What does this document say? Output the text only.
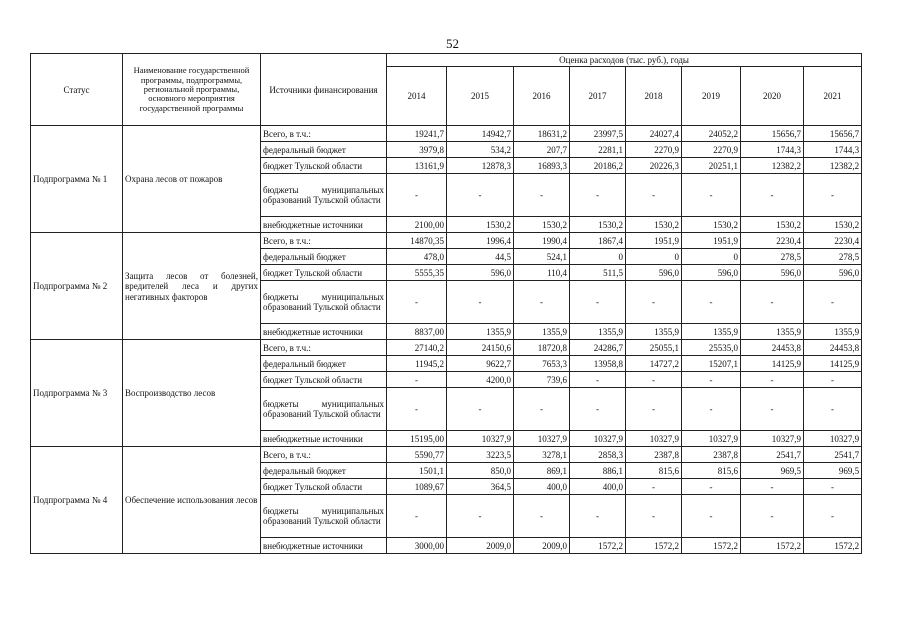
52
Статус	Наименование государственной программы, подпрограммы, региональной программы, основного мероприятия государственной программы	Источники финансирования	Оценка расходов (тыс. руб.), годы							
			2014	2015	2016	2017	2018	2019	2020	2021
Подпрограмма № 1	Охрана лесов от пожаров	Всего, в т.ч.:	19241,7	14942,7	18631,2	23997,5	24027,4	24052,2	15656,7	15656,7
		федеральный бюджет	3979,8	534,2	207,7	2281,1	2270,9	2270,9	1744,3	1744,3
		бюджет Тульской области	13161,9	12878,3	16893,3	20186,2	20226,3	20251,1	12382,2	12382,2
		бюджеты муниципальных образований Тульской области	-	-	-	-	-	-	-	-
		внебюджетные источники	2100,00	1530,2	1530,2	1530,2	1530,2	1530,2	1530,2	1530,2
Подпрограмма № 2	Защита лесов от болезней, вредителей леса и других негативных факторов	Всего, в т.ч.:	14870,35	1996,4	1990,4	1867,4	1951,9	1951,9	2230,4	2230,4
		федеральный бюджет	478,0	44,5	524,1	0	0	0	278,5	278,5
		бюджет Тульской области	5555,35	596,0	110,4	511,5	596,0	596,0	596,0	596,0
		бюджеты муниципальных образований Тульской области	-	-	-	-	-	-	-	-
		внебюджетные источники	8837,00	1355,9	1355,9	1355,9	1355,9	1355,9	1355,9	1355,9
Подпрограмма № 3	Воспроизводство лесов	Всего, в т.ч.:	27140,2	24150,6	18720,8	24286,7	25055,1	25535,0	24453,8	24453,8
		федеральный бюджет	11945,2	9622,7	7653,3	13958,8	14727,2	15207,1	14125,9	14125,9
		бюджет Тульской области	-	4200,0	739,6	-	-	-	-	-
		бюджеты муниципальных образований Тульской области	-	-	-	-	-	-	-	-
		внебюджетные источники	15195,00	10327,9	10327,9	10327,9	10327,9	10327,9	10327,9	10327,9
Подпрограмма № 4	Обеспечение использования лесов	Всего, в т.ч.:	5590,77	3223,5	3278,1	2858,3	2387,8	2387,8	2541,7	2541,7
		федеральный бюджет	1501,1	850,0	869,1	886,1	815,6	815,6	969,5	969,5
		бюджет Тульской области	1089,67	364,5	400,0	400,0	-	-	-	-
		бюджеты муниципальных образований Тульской области	-	-	-	-	-	-	-	-
		внебюджетные источники	3000,00	2009,0	2009,0	1572,2	1572,2	1572,2	1572,2	1572,2
